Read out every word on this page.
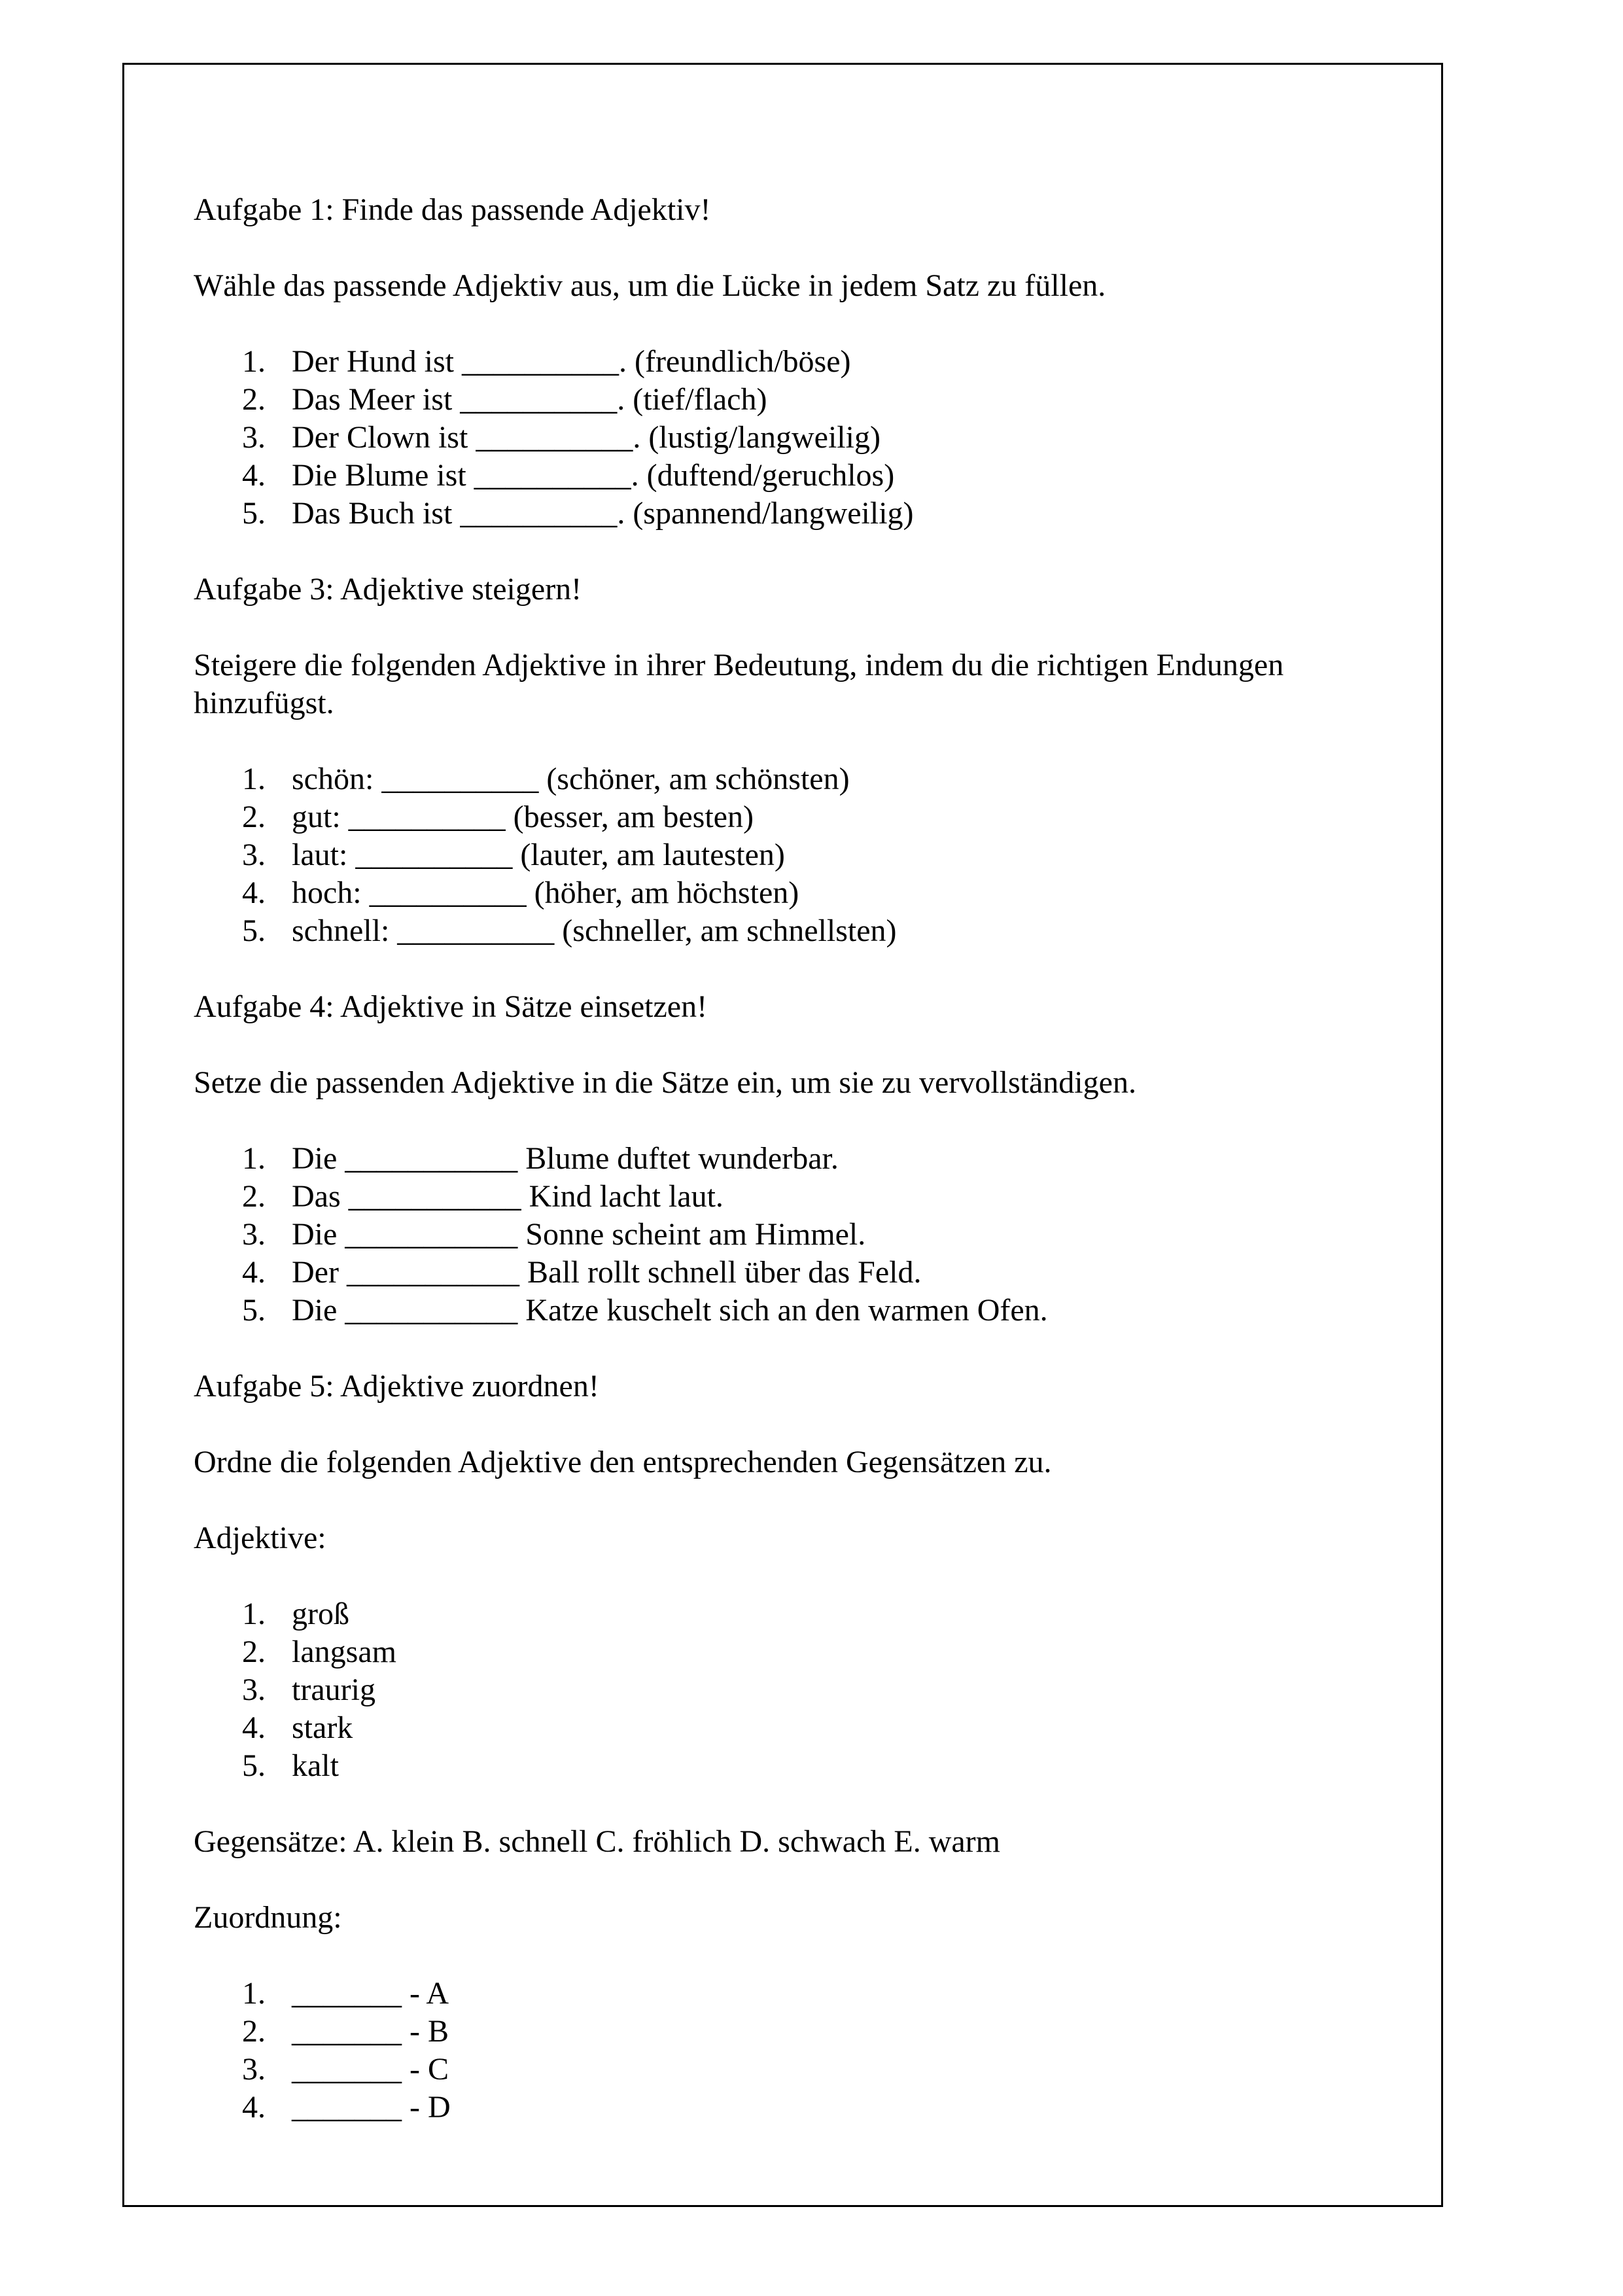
Aufgabe 1: Finde das passende Adjektiv!

Wähle das passende Adjektiv aus, um die Lücke in jedem Satz zu füllen.

1. Der Hund ist __________. (freundlich/böse)
2. Das Meer ist __________. (tief/flach)
3. Der Clown ist __________. (lustig/langweilig)
4. Die Blume ist __________. (duftend/geruchlos)
5. Das Buch ist __________. (spannend/langweilig)

Aufgabe 3: Adjektive steigern!

Steigere die folgenden Adjektive in ihrer Bedeutung, indem du die richtigen Endungen hinzufügst.

1. schön: __________ (schöner, am schönsten)
2. gut: __________ (besser, am besten)
3. laut: __________ (lauter, am lautesten)
4. hoch: __________ (höher, am höchsten)
5. schnell: __________ (schneller, am schnellsten)

Aufgabe 4: Adjektive in Sätze einsetzen!

Setze die passenden Adjektive in die Sätze ein, um sie zu vervollständigen.

1. Die ___________ Blume duftet wunderbar.
2. Das ___________ Kind lacht laut.
3. Die ___________ Sonne scheint am Himmel.
4. Der ___________ Ball rollt schnell über das Feld.
5. Die ___________ Katze kuschelt sich an den warmen Ofen.

Aufgabe 5: Adjektive zuordnen!

Ordne die folgenden Adjektive den entsprechenden Gegensätzen zu.

Adjektive:

1. groß
2. langsam
3. traurig
4. stark
5. kalt

Gegensätze: A. klein B. schnell C. fröhlich D. schwach E. warm

Zuordnung:

1. _______ - A
2. _______ - B
3. _______ - C
4. _______ - D
